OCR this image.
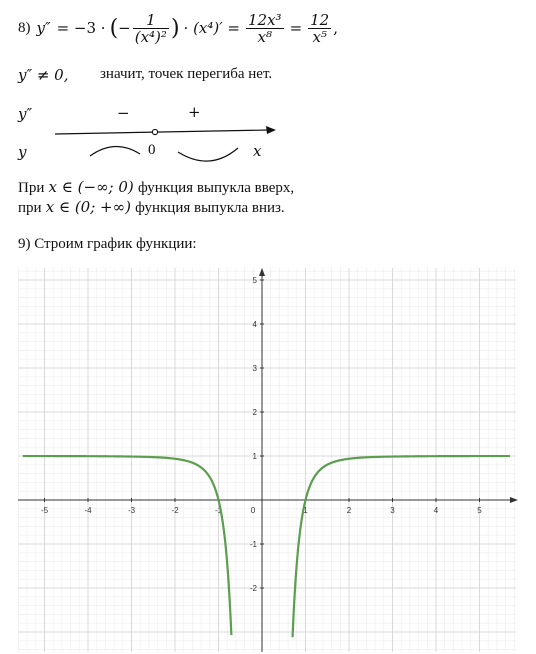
8) y″ = −3 · ( − $\frac{1}{\text{(x⁴)²}}$ ) · $(x^4)' = \frac{\text{12x³}}{\text{x⁸}} = \frac{12}{\text{x⁵}}$ ,
y″ ≠ 0, значит, точек перегиба нет.
y″	−	+
y	0	x
При x ∈ (−∞; 0) функция выпукла вверх,
при x ∈ (0; +∞) функция выпукла вниз.
9) Строим график функции:
-5	-4	-3	-2	-1	0	1	2	3	4	5
-2
-1
1
2
3
4
5
